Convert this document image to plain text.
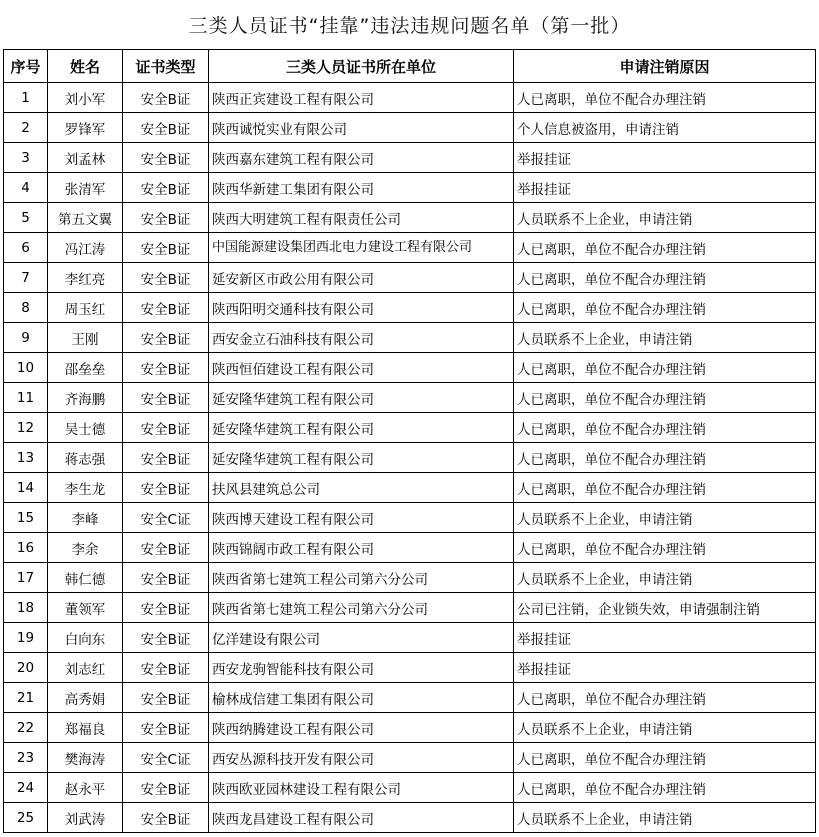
三类人员证书“挂靠”违法违规问题名单（第一批）
序号	姓名	证书类型	三类人员证书所在单位	申请注销原因
1	刘小军	安全B证	陕西正宾建设工程有限公司	人已离职，单位不配合办理注销
2	罗锋军	安全B证	陕西诚悦实业有限公司	个人信息被盗用，申请注销
3	刘孟林	安全B证	陕西嘉东建筑工程有限公司	举报挂证
4	张清军	安全B证	陕西华新建工集团有限公司	举报挂证
5	第五文翼	安全B证	陕西大明建筑工程有限责任公司	人员联系不上企业，申请注销
6	冯江涛	安全B证	中国能源建设集团西北电力建设工程有限公司	人已离职，单位不配合办理注销
7	李红亮	安全B证	延安新区市政公用有限公司	人已离职，单位不配合办理注销
8	周玉红	安全B证	陕西阳明交通科技有限公司	人已离职，单位不配合办理注销
9	王刚	安全B证	西安金立石油科技有限公司	人员联系不上企业，申请注销
10	邵垒垒	安全B证	陕西恒佰建设工程有限公司	人已离职，单位不配合办理注销
11	齐海鹏	安全B证	延安隆华建筑工程有限公司	人已离职，单位不配合办理注销
12	吴士德	安全B证	延安隆华建筑工程有限公司	人已离职，单位不配合办理注销
13	蒋志强	安全B证	延安隆华建筑工程有限公司	人已离职，单位不配合办理注销
14	李生龙	安全B证	扶风县建筑总公司	人已离职，单位不配合办理注销
15	李峰	安全C证	陕西博天建设工程有限公司	人员联系不上企业，申请注销
16	李余	安全B证	陕西锦阔市政工程有限公司	人已离职，单位不配合办理注销
17	韩仁德	安全B证	陕西省第七建筑工程公司第六分公司	人员联系不上企业，申请注销
18	董领军	安全B证	陕西省第七建筑工程公司第六分公司	公司已注销，企业锁失效，申请强制注销
19	白向东	安全B证	亿洋建设有限公司	举报挂证
20	刘志红	安全B证	西安龙驹智能科技有限公司	举报挂证
21	高秀娟	安全B证	榆林成信建工集团有限公司	人已离职，单位不配合办理注销
22	郑福良	安全B证	陕西纳腾建设工程有限公司	人员联系不上企业，申请注销
23	樊海涛	安全C证	西安丛源科技开发有限公司	人已离职，单位不配合办理注销
24	赵永平	安全B证	陕西欧亚园林建设工程有限公司	人已离职，单位不配合办理注销
25	刘武涛	安全B证	陕西龙昌建设工程有限公司	人员联系不上企业，申请注销
